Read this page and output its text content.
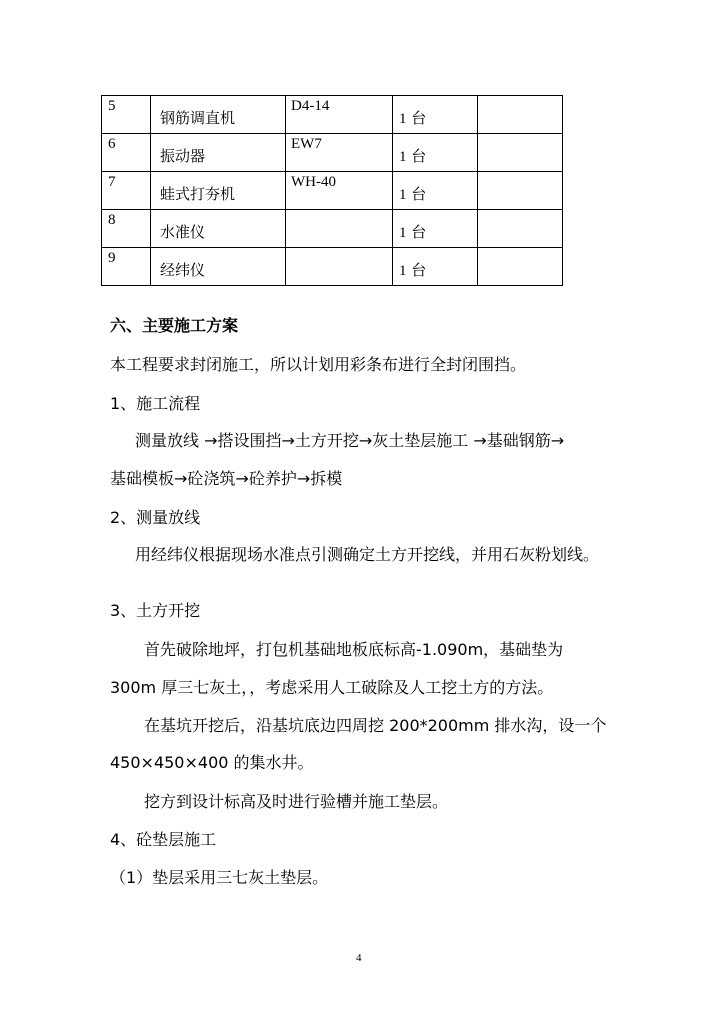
5	钢筋调直机	D4-14	1 台	

6	振动器	EW7	1 台	

7	蛙式打夯机	WH-40	1 台	

8	水准仪		1 台	

9	经纬仪		1 台	

六、主要施工方案
本工程要求封闭施工，所以计划用彩条布进行全封闭围挡。
1、施工流程
测量放线 →搭设围挡→土方开挖→灰土垫层施工 →基础钢筋→
基础模板→砼浇筑→砼养护→拆模
2、测量放线
用经纬仪根据现场水准点引测确定土方开挖线，并用石灰粉划线。
3、土方开挖
首先破除地坪，打包机基础地板底标高-1.090m，基础垫为
300m 厚三七灰土，，考虑采用人工破除及人工挖土方的方法。
在基坑开挖后，沿基坑底边四周挖 200*200mm 排水沟，设一个
450×450×400 的集水井。
挖方到设计标高及时进行验槽并施工垫层。
4、砼垫层施工
（1）垫层采用三七灰土垫层。
4
